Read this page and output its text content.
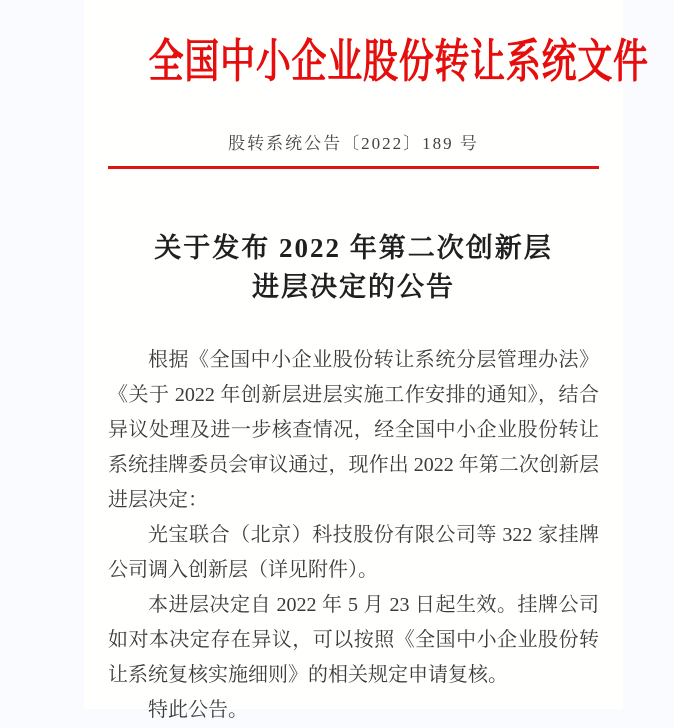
全国中小企业股份转让系统文件
股转系统公告〔2022〕189 号
关于发布 2022 年第二次创新层
进层决定的公告

根据《全国中小企业股份转让系统分层管理办法》《关于 2022 年创新层进层实施工作安排的通知》，结合异议处理及进一步核查情况，经全国中小企业股份转让系统挂牌委员会审议通过，现作出 2022 年第二次创新层进层决定：

光宝联合（北京）科技股份有限公司等 322 家挂牌公司调入创新层（详见附件）。

本进层决定自 2022 年 5 月 23 日起生效。挂牌公司如对本决定存在异议，可以按照《全国中小企业股份转让系统复核实施细则》的相关规定申请复核。

特此公告。
